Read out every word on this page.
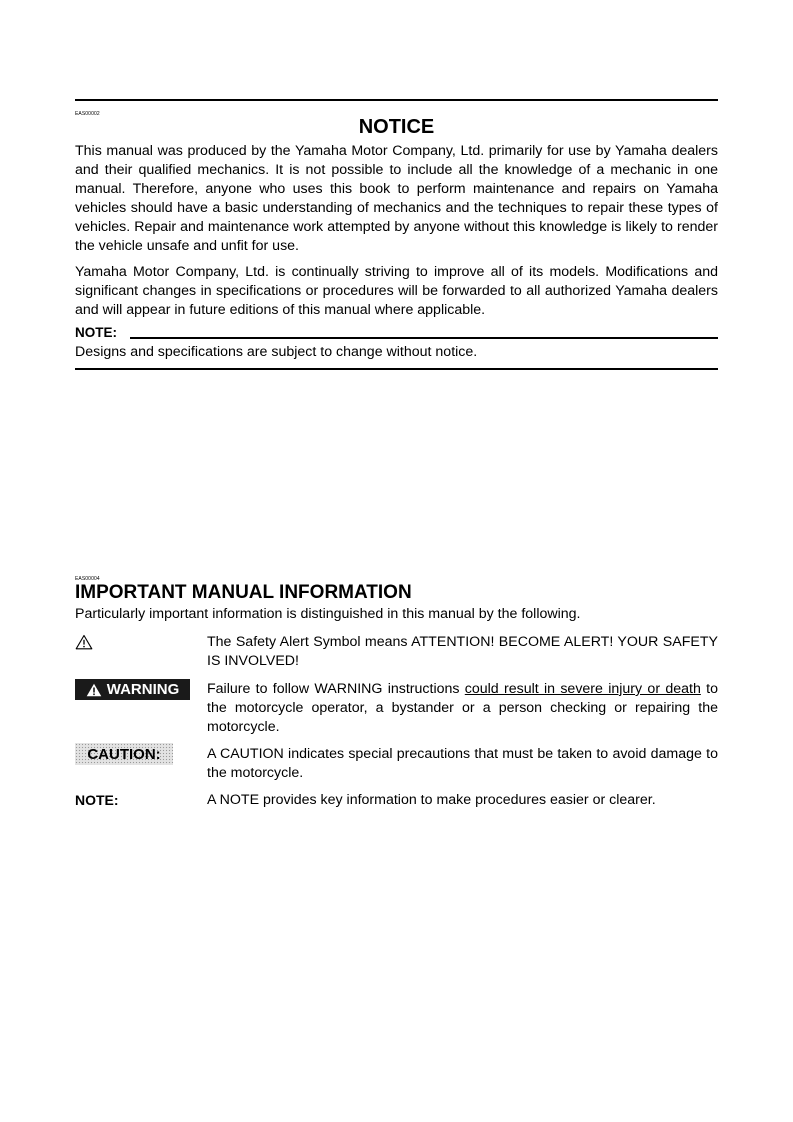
EAS00002
NOTICE
This manual was produced by the Yamaha Motor Company, Ltd. primarily for use by Yamaha dealers and their qualified mechanics. It is not possible to include all the knowledge of a mechanic in one manual. Therefore, anyone who uses this book to perform maintenance and repairs on Yamaha vehicles should have a basic understanding of mechanics and the techniques to repair these types of vehicles. Repair and maintenance work attempted by anyone without this knowledge is likely to render the vehicle unsafe and unfit for use.
Yamaha Motor Company, Ltd. is continually striving to improve all of its models. Modifications and significant changes in specifications or procedures will be forwarded to all authorized Yamaha dealers and will appear in future editions of this manual where applicable.
NOTE:
Designs and specifications are subject to change without notice.
EAS00004
IMPORTANT MANUAL INFORMATION
Particularly important information is distinguished in this manual by the following.
The Safety Alert Symbol means ATTENTION! BECOME ALERT! YOUR SAFETY IS INVOLVED!
WARNING Failure to follow WARNING instructions could result in severe injury or death to the motorcycle operator, a bystander or a person checking or repairing the motorcycle.
CAUTION:	A CAUTION indicates special precautions that must be taken to avoid damage to the motorcycle.
NOTE:	A NOTE provides key information to make procedures easier or clearer.
